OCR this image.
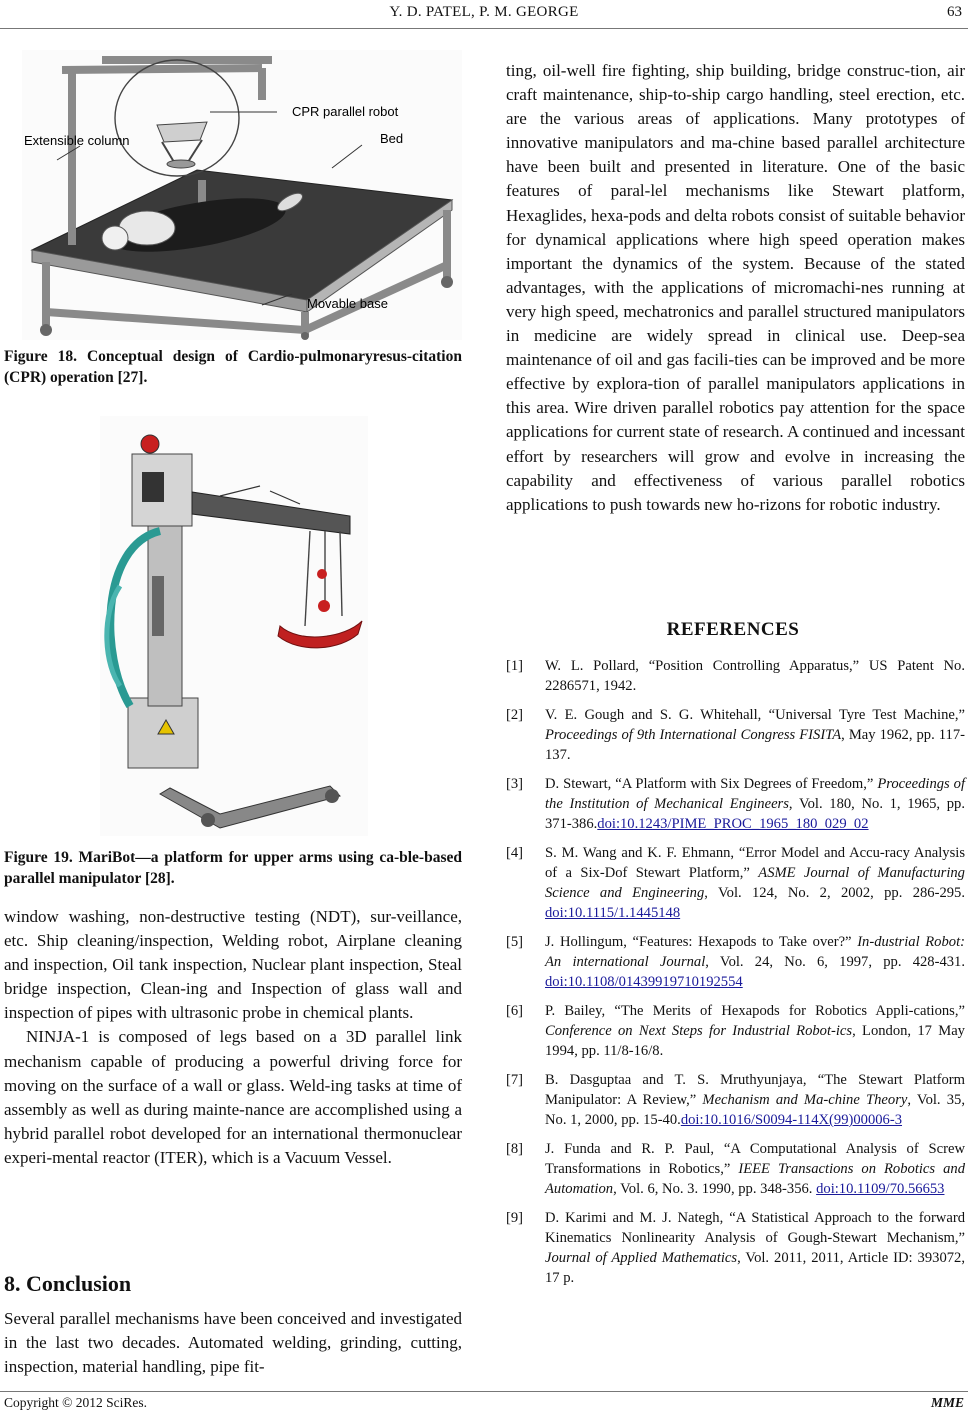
Y. D. PATEL, P. M. GEORGE	63
CPR parallel robot
Extensible column	Bed
Movable base
Figure 18. Conceptual design of Cardio-pulmonaryresus-citation (CPR) operation [27].
Figure 19. MariBot—a platform for upper arms using ca-ble-based parallel manipulator [28].

window washing, non-destructive testing (NDT), sur-veillance, etc. Ship cleaning/inspection, Welding robot, Airplane cleaning and inspection, Oil tank inspection, Nuclear plant inspection, Steal bridge inspection, Clean-ing and Inspection of glass wall and inspection of pipes with ultrasonic probe in chemical plants.

NINJA-1 is composed of legs based on a 3D parallel link mechanism capable of producing a powerful driving force for moving on the surface of a wall or glass. Weld-ing tasks at time of assembly as well as during mainte-nance are accomplished using a hybrid parallel robot developed for an international thermonuclear experi-mental reactor (ITER), which is a Vacuum Vessel.

8. Conclusion
Several parallel mechanisms have been conceived and investigated in the last two decades. Automated welding, grinding, cutting, inspection, material handling, pipe fit-
ting, oil-well fire fighting, ship building, bridge construc-tion, air craft maintenance, ship-to-ship cargo handling, steel erection, etc. are the various areas of applications. Many prototypes of innovative manipulators and ma-chine based parallel architecture have been built and presented in literature. One of the basic features of paral-lel mechanisms like Stewart platform, Hexaglides, hexa-pods and delta robots consist of suitable behavior for dynamical applications where high speed operation makes important the dynamics of the system. Because of the stated advantages, with the applications of micromachi-nes running at very high speed, mechatronics and parallel structured manipulators in medicine are widely spread in clinical use. Deep-sea maintenance of oil and gas facili-ties can be improved and be more effective by explora-tion of parallel manipulators applications in this area. Wire driven parallel robotics pay attention for the space applications for current state of research. A continued and incessant effort by researchers will grow and evolve in increasing the capability and effectiveness of various parallel robotics applications to push towards new ho-rizons for robotic industry.
REFERENCES
[1] W. L. Pollard, “Position Controlling Apparatus,” US Patent No. 2286571, 1942.
[2] V. E. Gough and S. G. Whitehall, “Universal Tyre Test Machine,” Proceedings of 9th International Congress FISITA, May 1962, pp. 117-137.
[3] D. Stewart, “A Platform with Six Degrees of Freedom,” Proceedings of the Institution of Mechanical Engineers, Vol. 180, No. 1, 1965, pp. 371-386.doi:10.1243/PIME_PROC_1965_180_029_02
[4] S. M. Wang and K. F. Ehmann, “Error Model and Accu-racy Analysis of a Six-Dof Stewart Platform,” ASME Journal of Manufacturing Science and Engineering, Vol. 124, No. 2, 2002, pp. 286-295. doi:10.1115/1.1445148
[5] J. Hollingum, “Features: Hexapods to Take over?” In-dustrial Robot: An international Journal, Vol. 24, No. 6, 1997, pp. 428-431. doi:10.1108/01439919710192554
[6] P. Bailey, “The Merits of Hexapods for Robotics Appli-cations,” Conference on Next Steps for Industrial Robot-ics, London, 17 May 1994, pp. 11/8-16/8.
[7] B. Dasguptaa and T. S. Mruthyunjaya, “The Stewart Platform Manipulator: A Review,” Mechanism and Ma-chine Theory, Vol. 35, No. 1, 2000, pp. 15-40.doi:10.1016/S0094-114X(99)00006-3
[8] J. Funda and R. P. Paul, “A Computational Analysis of Screw Transformations in Robotics,” IEEE Transactions on Robotics and Automation, Vol. 6, No. 3. 1990, pp. 348-356. doi:10.1109/70.56653
[9] D. Karimi and M. J. Nategh, “A Statistical Approach to the forward Kinematics Nonlinearity Analysis of Gough-Stewart Mechanism,” Journal of Applied Mathematics, Vol. 2011, 2011, Article ID: 393072, 17 p.
Copyright © 2012 SciRes.	MME
